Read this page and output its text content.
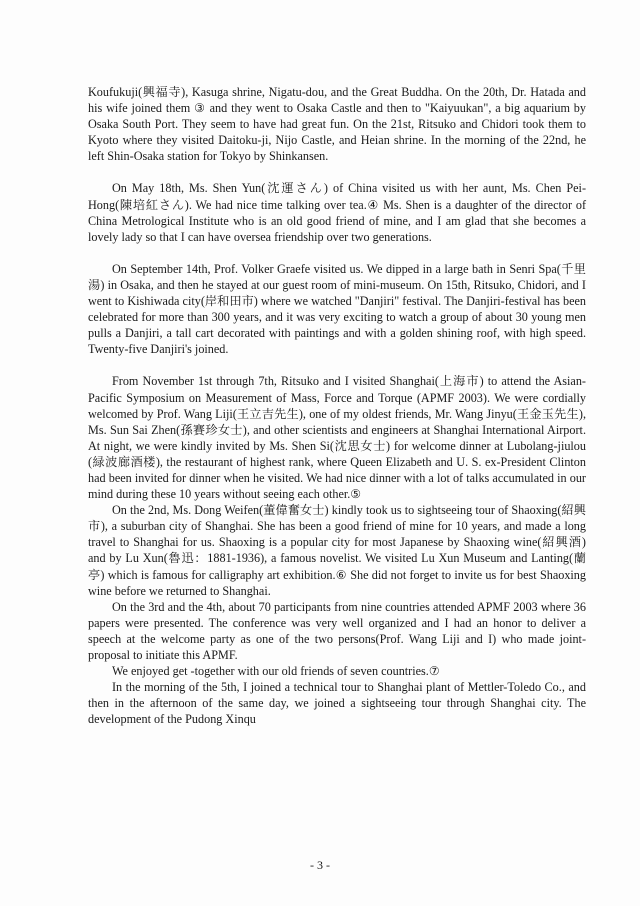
Koufukuji(興福寺), Kasuga shrine, Nigatu-dou, and the Great Buddha. On the 20th, Dr. Hatada and his wife joined them ③ and they went to Osaka Castle and then to "Kaiyuukan", a big aquarium by Osaka South Port. They seem to have had great fun. On the 21st, Ritsuko and Chidori took them to Kyoto where they visited Daitoku-ji, Nijo Castle, and Heian shrine. In the morning of the 22nd, he left Shin-Osaka station for Tokyo by Shinkansen.

On May 18th, Ms. Shen Yun(沈運さん) of China visited us with her aunt, Ms. Chen Pei-Hong(陳培紅さん). We had nice time talking over tea.④ Ms. Shen is a daughter of the director of China Metrological Institute who is an old good friend of mine, and I am glad that she becomes a lovely lady so that I can have oversea friendship over two generations.

On September 14th, Prof. Volker Graefe visited us. We dipped in a large bath in Senri Spa(千里湯) in Osaka, and then he stayed at our guest room of mini-museum. On 15th, Ritsuko, Chidori, and I went to Kishiwada city(岸和田市) where we watched "Danjiri" festival. The Danjiri-festival has been celebrated for more than 300 years, and it was very exciting to watch a group of about 30 young men pulls a Danjiri, a tall cart decorated with paintings and with a golden shining roof, with high speed. Twenty-five Danjiri's joined.

From November 1st through 7th, Ritsuko and I visited Shanghai(上海市) to attend the Asian-Pacific Symposium on Measurement of Mass, Force and Torque (APMF 2003). We were cordially welcomed by Prof. Wang Liji(王立吉先生), one of my oldest friends, Mr. Wang Jinyu(王金玉先生), Ms. Sun Sai Zhen(孫賽珍女士), and other scientists and engineers at Shanghai International Airport. At night, we were kindly invited by Ms. Shen Si(沈思女士) for welcome dinner at Lubolang-jiulou (緑波廊酒楼), the restaurant of highest rank, where Queen Elizabeth and U. S. ex-President Clinton had been invited for dinner when he visited. We had nice dinner with a lot of talks accumulated in our mind during these 10 years without seeing each other.⑤

On the 2nd, Ms. Dong Weifen(董偉奮女士) kindly took us to sightseeing tour of Shaoxing(紹興市), a suburban city of Shanghai. She has been a good friend of mine for 10 years, and made a long travel to Shanghai for us. Shaoxing is a popular city for most Japanese by Shaoxing wine(紹興酒) and by Lu Xun(魯迅：1881-1936), a famous novelist. We visited Lu Xun Museum and Lanting(蘭亭) which is famous for calligraphy art exhibition.⑥ She did not forget to invite us for best Shaoxing wine before we returned to Shanghai.

On the 3rd and the 4th, about 70 participants from nine countries attended APMF 2003 where 36 papers were presented. The conference was very well organized and I had an honor to deliver a speech at the welcome party as one of the two persons(Prof. Wang Liji and I) who made joint-proposal to initiate this APMF.

We enjoyed get -together with our old friends of seven countries.⑦

In the morning of the 5th, I joined a technical tour to Shanghai plant of Mettler-Toledo Co., and then in the afternoon of the same day, we joined a sightseeing tour through Shanghai city. The development of the Pudong Xinqu

- 3 -
